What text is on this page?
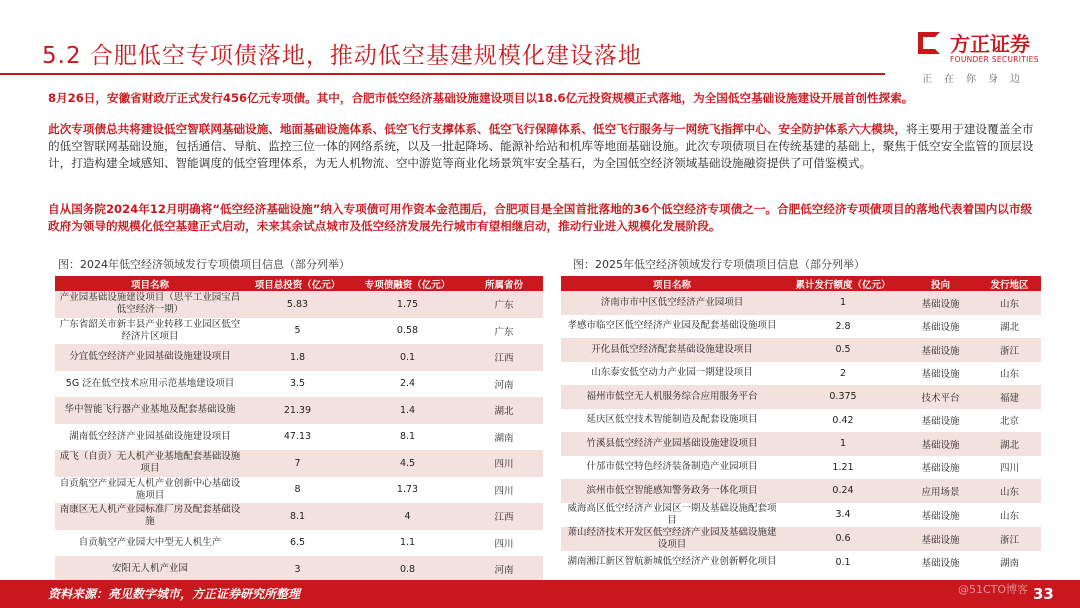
5.2 合肥低空专项债落地，推动低空基建规模化建设落地	方正证券
FOUNDER SECURITIES
正在你身边
8月26日，安徽省财政厅正式发行456亿元专项债。其中，合肥市低空经济基础设施建设项目以18.6亿元投资规模正式落地，为全国低空基础设施建设开展首创性探索。
此次专项债总共将建设低空智联网基础设施、地面基础设施体系、低空飞行支撑体系、低空飞行保障体系、低空飞行服务与一网统飞指挥中心、安全防护体系六大模块，将主要用于建设覆盖全市的低空智联网基础设施，包括通信、导航、监控三位一体的网络系统，以及一批起降场、能源补给站和机库等地面基础设施。此次专项债项目在传统基建的基础上，聚焦于低空安全监管的顶层设计，打造构建全域感知、智能调度的低空管理体系，为无人机物流、空中游览等商业化场景筑牢安全基石，为全国低空经济领域基础设施融资提供了可借鉴模式。
自从国务院2024年12月明确将“低空经济基础设施”纳入专项债可用作资本金范围后，合肥项目是全国首批落地的36个低空经济专项债之一。合肥低空经济专项债项目的落地代表着国内以市级政府为领导的规模化低空基建正式启动，未来其余试点城市及低空经济发展先行城市有望相继启动，推动行业进入规模化发展阶段。
图：2024年低空经济领域发行专项债项目信息（部分列举）	图：2025年低空经济领域发行专项债项目信息（部分列举）
项目名称	项目总投资（亿元）	专项债融资（亿元）	所属省份
产业园基础设施建设项目（思平工业园宝昌低空经济一期）	5.83	1.75	广东
广东省韶关市新丰县产业转移工业园区低空经济片区项目	5	0.58	广东
分宜低空经济产业园基础设施建设项目	1.8	0.1	江西
5G 泛在低空技术应用示范基地建设项目	3.5	2.4	河南
华中智能飞行器产业基地及配套基础设施	21.39	1.4	湖北
湖南低空经济产业园基础设施建设项目	47.13	8.1	湖南
成飞（自贡）无人机产业基地配套基础设施项目	7	4.5	四川
自贡航空产业园无人机产业创新中心基础设施项目	8	1.73	四川
南康区无人机产业园标准厂房及配套基础设施	8.1	4	江西
自贡航空产业园大中型无人机生产	6.5	1.1	四川
安阳无人机产业园	3	0.8	河南
项目名称	累计发行额度（亿元）	投向	发行地区
济南市市中区低空经济产业园项目	1	基础设施	山东
孝感市临空区低空经济产业园及配套基础设施项目	2.8	基础设施	湖北
开化县低空经济配套基础设施建设项目	0.5	基础设施	浙江
山东泰安低空动力产业园一期建设项目	2	基础设施	山东
福州市低空无人机服务综合应用服务平台	0.375	技术平台	福建
延庆区低空技术智能制造及配套设施项目	0.42	基础设施	北京
竹溪县低空经济产业园基础设施建设项目	1	基础设施	湖北
什邡市低空特色经济装备制造产业园项目	1.21	基础设施	四川
滨州市低空智能感知警务政务一体化项目	0.24	应用场景	山东
威海高区低空经济产业园区一期及基础设施配套项目	3.4	基础设施	山东
萧山经济技术开发区低空经济产业园及基础设施建设项目	0.6	基础设施	浙江
湖南湘江新区智航新城低空经济产业创新孵化项目	0.1	基础设施	湖南
资料来源：亮见数字城市，方正证券研究所整理	33
@51CTO博客
